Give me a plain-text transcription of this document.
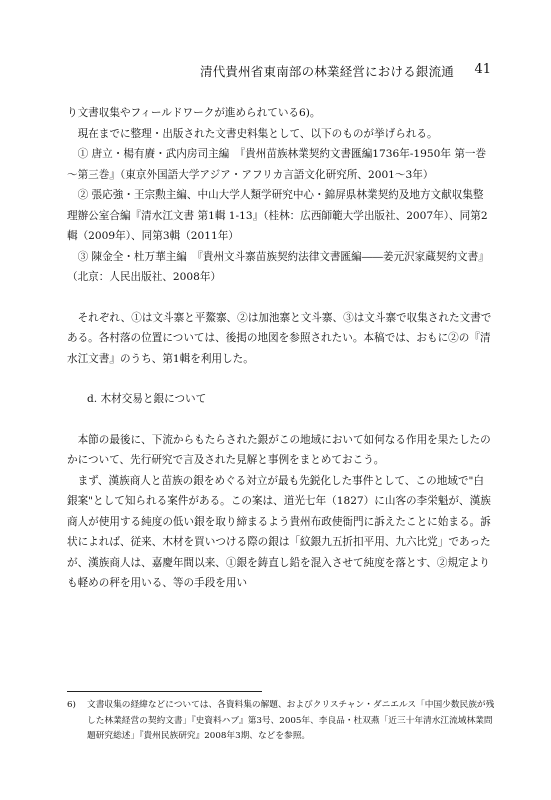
清代貴州省東南部の林業経営における銀流通 41

り文書収集やフィールドワークが進められている6)。

現在までに整理・出版された文書史料集として、以下のものが挙げられる。

① 唐立・楊有賡・武内房司主編　『貴州苗族林業契約文書匯編1736年-1950年 第一巻～第三巻』（東京外国語大学アジア・アフリカ言語文化研究所、2001～3年）

② 張応強・王宗勲主編、中山大学人類学研究中心・錦屏県林業契約及地方文献収集整理辦公室合編『清水江文書 第1輯 1-13』（桂林：広西師範大学出版社、2007年）、同第2輯（2009年）、同第3輯（2011年）

③ 陳金全・杜万華主編　『貴州文斗寨苗族契約法律文書匯編――姜元沢家蔵契約文書』（北京：人民出版社、2008年）

それぞれ、①は文斗寨と平鰲寨、②は加池寨と文斗寨、③は文斗寨で収集された文書である。各村落の位置については、後掲の地図を参照されたい。本稿では、おもに②の『清水江文書』のうち、第1輯を利用した。

d. 木材交易と銀について

本節の最後に、下流からもたらされた銀がこの地域において如何なる作用を果たしたのかについて、先行研究で言及された見解と事例をまとめておこう。

まず、漢族商人と苗族の銀をめぐる対立が最も先鋭化した事件として、この地域で"白銀案"として知られる案件がある。この案は、道光七年（1827）に山客の李栄魁が、漢族商人が使用する純度の低い銀を取り締まるよう貴州布政使衙門に訴えたことに始まる。訴状によれば、従来、木材を買いつける際の銀は「紋銀九五折扣平用、九六比党」であったが、漢族商人は、嘉慶年間以来、①銀を鋳直し鉛を混入させて純度を落とす、②規定よりも軽めの秤を用いる、等の手段を用い

6) 文書収集の経緯などについては、各資料集の解題、およびクリスチャン・ダニエルス「中国少数民族が残した林業経営の契約文書」『史資料ハブ』第3号、2005年、李良品・杜双燕「近三十年清水江流域林業問題研究総述」『貴州民族研究』2008年3期、などを参照。
